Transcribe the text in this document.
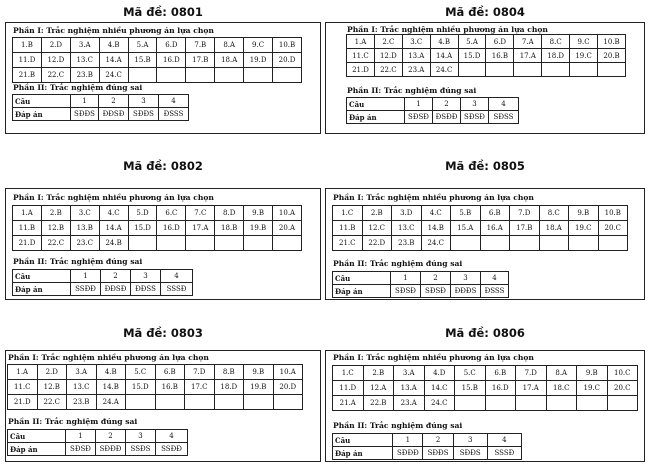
Mã đề: 0801
Phần I: Trắc nghiệm nhiều phương án lựa chọn
1.B	2.D	3.A	4.B	5.A	6.D	7.B	8.A	9.C	10.B
11.D	12.D	13.C	14.A	15.B	16.D	17.B	18.A	19.D	20.D
21.B	22.C	23.B	24.C						
Phần II: Trắc nghiệm đúng sai
Câu	1	2	3	4
Đáp án	SĐĐS	ĐĐSĐ	SĐĐS	ĐSSS
Mã đề: 0804
Phần I: Trắc nghiệm nhiều phương án lựa chọn
1.A	2.C	3.C	4.B	5.A	6.D	7.A	8.C	9.C	10.B
11.C	12.D	13.A	14.A	15.D	16.B	17.A	18.D	19.C	20.B
21.D	22.C	23.A	24.C						
Phần II: Trắc nghiệm đúng sai
Câu	1	2	3	4
Đáp án	SĐSĐ	ĐSĐĐ	SĐSĐ	SĐSS
Mã đề: 0802
Phần I: Trắc nghiệm nhiều phương án lựa chọn
1.A	2.B	3.C	4.C	5.D	6.C	7.C	8.D	9.B	10.A
11.B	12.B	13.B	14.A	15.D	16.D	17.A	18.B	19.B	20.A
21.D	22.C	23.C	24.B						
Phần II: Trắc nghiệm đúng sai
Câu	1	2	3	4
Đáp án	SSĐĐ	ĐĐSĐ	ĐĐSS	SSSĐ
Mã đề: 0805
Phần I: Trắc nghiệm nhiều phương án lựa chọn
1.C	2.B	3.D	4.C	5.B	6.B	7.D	8.C	9.B	10.B
11.B	12.C	13.C	14.B	15.A	16.A	17.B	18.A	19.C	20.C
21.C	22.D	23.B	24.C						
Phần II: Trắc nghiệm đúng sai
Câu	1	2	3	4
Đáp án	SĐSĐ	SĐSĐ	ĐĐĐS	ĐSSS
Mã đề: 0803
Phần I: Trắc nghiệm nhiều phương án lựa chọn
1.A	2.D	3.A	4.B	5.C	6.B	7.D	8.B	9.B	10.A
11.C	12.B	13.C	14.B	15.D	16.B	17.C	18.D	19.B	20.D
21.D	22.C	23.B	24.A						
Phần II: Trắc nghiệm đúng sai
Câu	1	2	3	4
Đáp án	SĐSĐ	SĐĐĐ	SSĐS	SSĐĐ
Mã đề: 0806
Phần I: Trắc nghiệm nhiều phương án lựa chọn
1.C	2.B	3.A	4.D	5.C	6.B	7.D	8.A	9.B	10.C
11.D	12.A	13.A	14.C	15.B	16.D	17.A	18.C	19.C	20.C
21.A	22.B	23.A	24.C						
Phần II: Trắc nghiệm đúng sai
Câu	1	2	3	4
Đáp án	SĐĐĐ	SĐĐS	SĐĐS	SSSĐ
